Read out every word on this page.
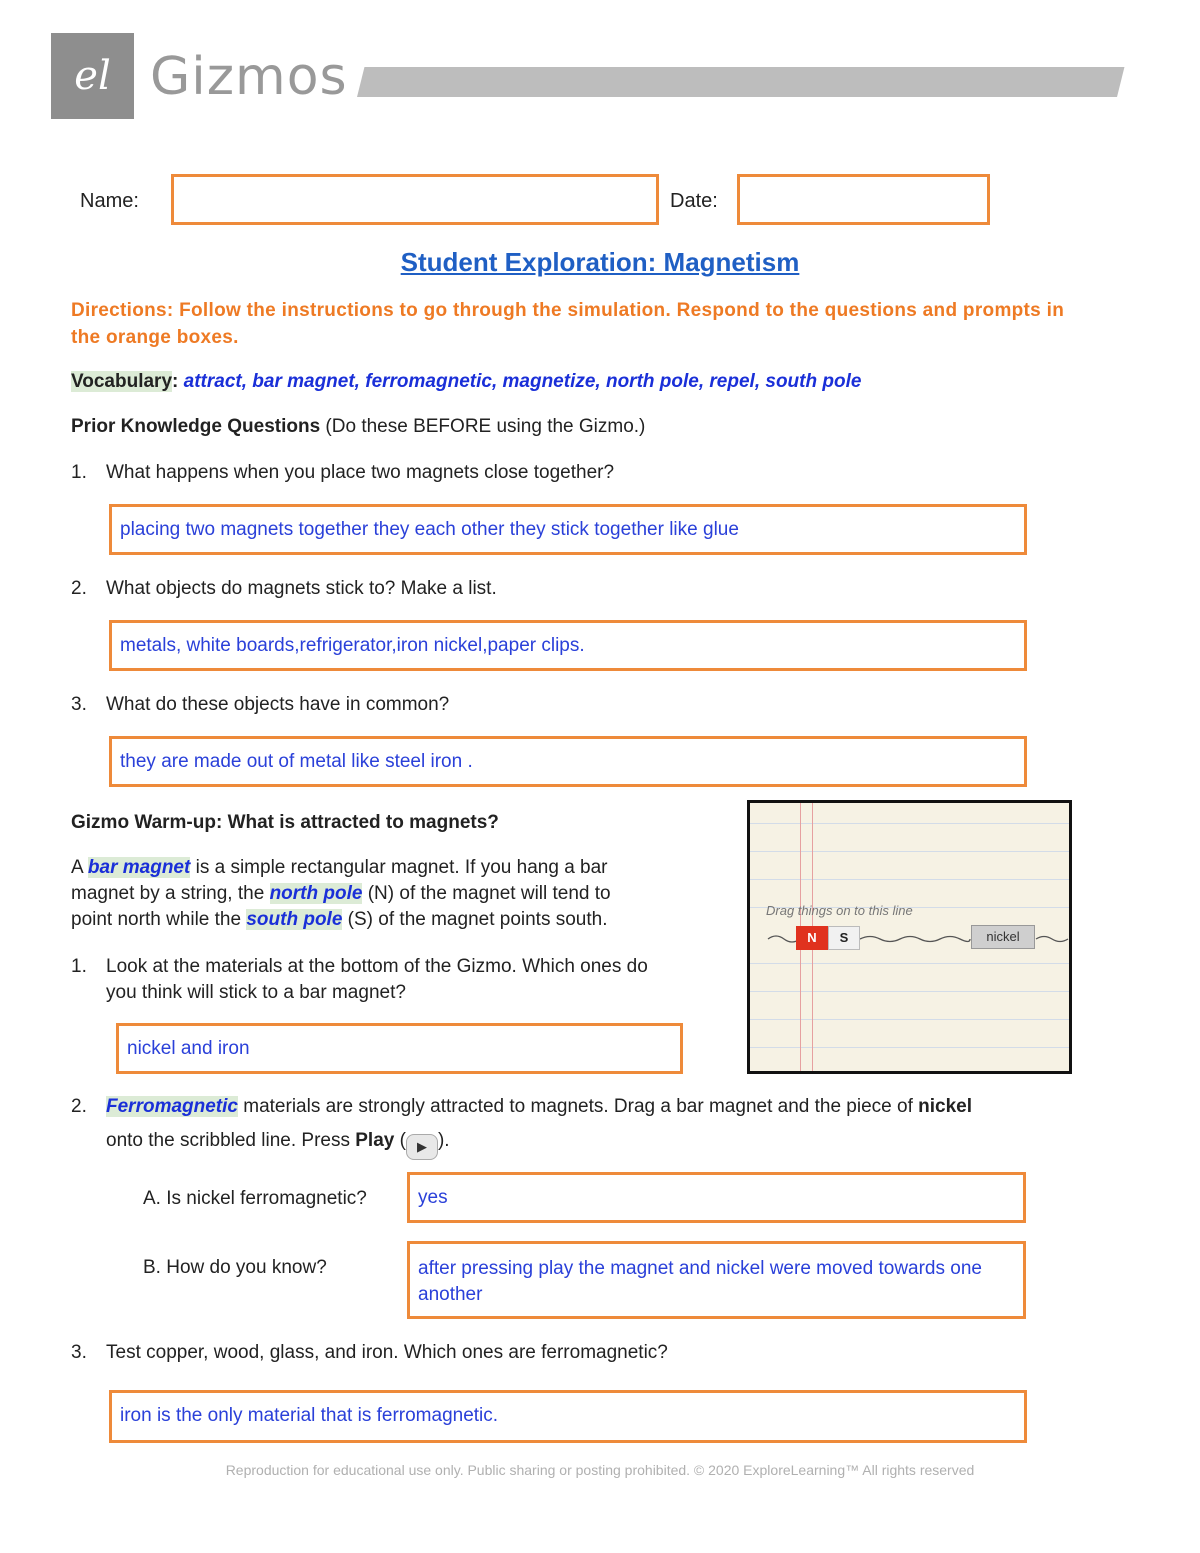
el Gizmos
Name:	Date:
Student Exploration: Magnetism
Directions: Follow the instructions to go through the simulation. Respond to the questions and prompts in the orange boxes.
Vocabulary: attract, bar magnet, ferromagnetic, magnetize, north pole, repel, south pole
Prior Knowledge Questions (Do these BEFORE using the Gizmo.)
1. What happens when you place two magnets close together?
placing two magnets together they each other they stick together like glue
2. What objects do magnets stick to? Make a list.
metals, white boards,refrigerator,iron nickel,paper clips.
3. What do these objects have in common?
they are made out of metal like steel iron .
Gizmo Warm-up: What is attracted to magnets?
A bar magnet is a simple rectangular magnet. If you hang a bar
magnet by a string, the north pole (N) of the magnet will tend to
point north while the south pole (S) of the magnet points south.
1. Look at the materials at the bottom of the Gizmo. Which ones do
you think will stick to a bar magnet?
nickel and iron
Drag things on to this line
N	S	nickel
2. Ferromagnetic materials are strongly attracted to magnets. Drag a bar magnet and the piece of nickel
onto the scribbled line. Press Play ( ▶ ).
A. Is nickel ferromagnetic?	yes
B. How do you know?	after pressing play the magnet and nickel were moved towards one another
3. Test copper, wood, glass, and iron. Which ones are ferromagnetic?
iron is the only material that is ferromagnetic.
Reproduction for educational use only. Public sharing or posting prohibited. © 2020 ExploreLearning™ All rights reserved
